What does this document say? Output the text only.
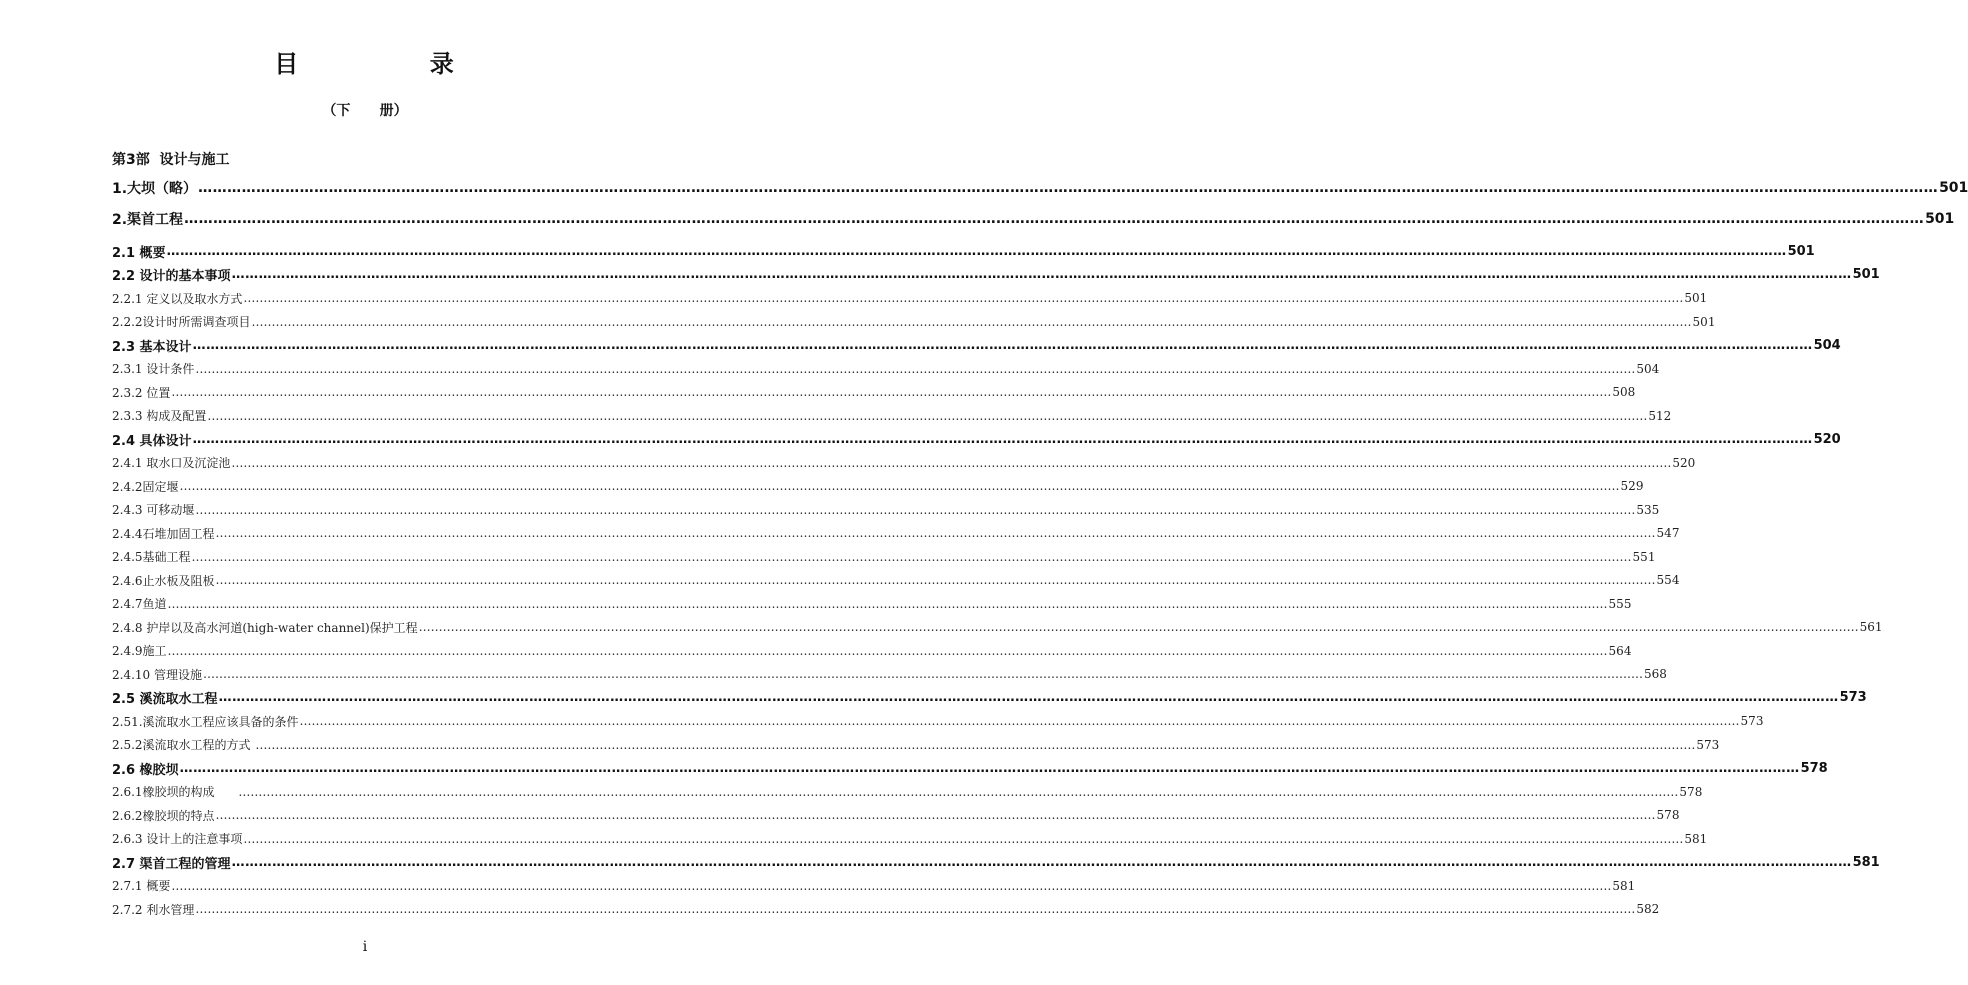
目    录
（下      册）
第3部  设计与施工
1.大坝（略） ……………………………………………………………………………………………………………………………………………………………………………………………………………………………………………………………………………………………………………………………… 501
2.渠首工程 ……………………………………………………………………………………………………………………………………………………………………………………………………………………………………………………………………………………………………………………………… 501
2.1 概要 ……………………………………………………………………………………………………………………………………………………………………………………………………………………………………………………………………………………………………………………………… 501
2.2 设计的基本事项 ……………………………………………………………………………………………………………………………………………………………………………………………………………………………………………………………………………………………………………………………… 501
2.2.1 定义以及取水方式 ……………………………………………………………………………………………………………………………………………………………………………………………………………………………………………………………………………………………………………………………… 501
2.2.2设计时所需调查项目 ……………………………………………………………………………………………………………………………………………………………………………………………………………………………………………………………………………………………………………………………… 501
2.3 基本设计 ……………………………………………………………………………………………………………………………………………………………………………………………………………………………………………………………………………………………………………………………… 504
2.3.1 设计条件 ……………………………………………………………………………………………………………………………………………………………………………………………………………………………………………………………………………………………………………………………… 504
2.3.2 位置 ……………………………………………………………………………………………………………………………………………………………………………………………………………………………………………………………………………………………………………………………… 508
2.3.3 构成及配置 ……………………………………………………………………………………………………………………………………………………………………………………………………………………………………………………………………………………………………………………………… 512
2.4 具体设计 ……………………………………………………………………………………………………………………………………………………………………………………………………………………………………………………………………………………………………………………………… 520
2.4.1 取水口及沉淀池 ……………………………………………………………………………………………………………………………………………………………………………………………………………………………………………………………………………………………………………………………… 520
2.4.2固定堰 ……………………………………………………………………………………………………………………………………………………………………………………………………………………………………………………………………………………………………………………………… 529
2.4.3 可移动堰 ……………………………………………………………………………………………………………………………………………………………………………………………………………………………………………………………………………………………………………………………… 535
2.4.4石堆加固工程 ……………………………………………………………………………………………………………………………………………………………………………………………………………………………………………………………………………………………………………………………… 547
2.4.5基础工程 ……………………………………………………………………………………………………………………………………………………………………………………………………………………………………………………………………………………………………………………………… 551
2.4.6止水板及阻板 ……………………………………………………………………………………………………………………………………………………………………………………………………………………………………………………………………………………………………………………………… 554
2.4.7鱼道 ……………………………………………………………………………………………………………………………………………………………………………………………………………………………………………………………………………………………………………………………… 555
2.4.8 护岸以及高水河道(high-water channel)保护工程 ……………………………………………………………………………………………………………………………………………………………………………………………………………………………………………………………………………………………………………………………… 561
2.4.9施工 ……………………………………………………………………………………………………………………………………………………………………………………………………………………………………………………………………………………………………………………………… 564
2.4.10 管理设施 ……………………………………………………………………………………………………………………………………………………………………………………………………………………………………………………………………………………………………………………………… 568
2.5 溪流取水工程 ……………………………………………………………………………………………………………………………………………………………………………………………………………………………………………………………………………………………………………………………… 573
2.51.溪流取水工程应该具备的条件 ……………………………………………………………………………………………………………………………………………………………………………………………………………………………………………………………………………………………………………………………… 573
2.5.2溪流取水工程的方式 ……………………………………………………………………………………………………………………………………………………………………………………………………………………………………………………………………………………………………………………………… 573
2.6 橡胶坝 ……………………………………………………………………………………………………………………………………………………………………………………………………………………………………………………………………………………………………………………………… 578
2.6.1橡胶坝的构成 ……………………………………………………………………………………………………………………………………………………………………………………………………………………………………………………………………………………………………………………………… 578
2.6.2橡胶坝的特点 ……………………………………………………………………………………………………………………………………………………………………………………………………………………………………………………………………………………………………………………………… 578
2.6.3 设计上的注意事项 ……………………………………………………………………………………………………………………………………………………………………………………………………………………………………………………………………………………………………………………………… 581
2.7 渠首工程的管理 ……………………………………………………………………………………………………………………………………………………………………………………………………………………………………………………………………………………………………………………………… 581
2.7.1 概要 ……………………………………………………………………………………………………………………………………………………………………………………………………………………………………………………………………………………………………………………………… 581
2.7.2 利水管理 ……………………………………………………………………………………………………………………………………………………………………………………………………………………………………………………………………………………………………………………………… 582
i
